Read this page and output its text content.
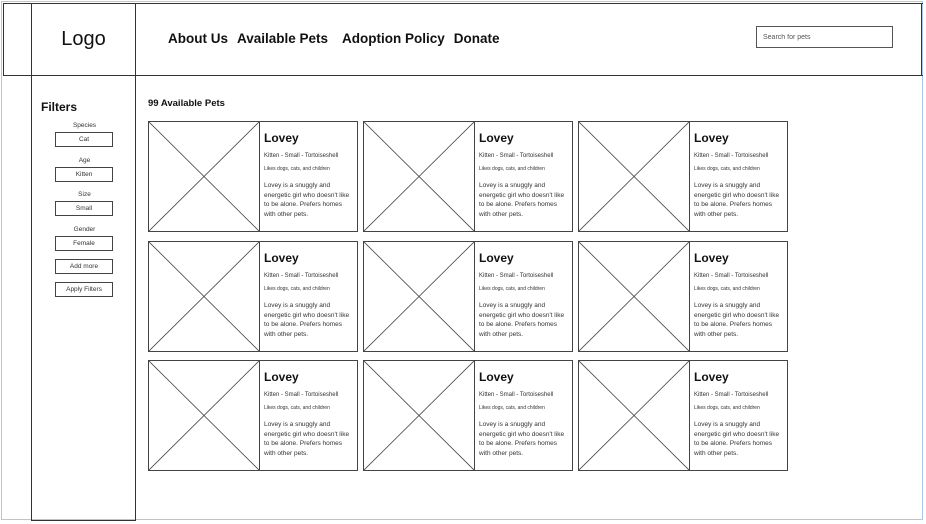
Logo	About Us Available Pets Adoption Policy Donate
Search for pets
Filters
Species
Cat
Age
Kitten
Size
Small
Gender
Female
Add more
Apply Filters
99 Available Pets
Lovey
Kitten - Small - Tortoiseshell
Likes dogs, cats, and children
Lovey is a snuggly and energetic girl who doesn't like to be alone. Prefers homes with other pets.
Lovey
Kitten - Small - Tortoiseshell
Likes dogs, cats, and children
Lovey is a snuggly and energetic girl who doesn't like to be alone. Prefers homes with other pets.
Lovey
Kitten - Small - Tortoiseshell
Likes dogs, cats, and children
Lovey is a snuggly and energetic girl who doesn't like to be alone. Prefers homes with other pets.
Lovey
Kitten - Small - Tortoiseshell
Likes dogs, cats, and children
Lovey is a snuggly and energetic girl who doesn't like to be alone. Prefers homes with other pets.
Lovey
Kitten - Small - Tortoiseshell
Likes dogs, cats, and children
Lovey is a snuggly and energetic girl who doesn't like to be alone. Prefers homes with other pets.
Lovey
Kitten - Small - Tortoiseshell
Likes dogs, cats, and children
Lovey is a snuggly and energetic girl who doesn't like to be alone. Prefers homes with other pets.
Lovey
Kitten - Small - Tortoiseshell
Likes dogs, cats, and children
Lovey is a snuggly and energetic girl who doesn't like to be alone. Prefers homes with other pets.
Lovey
Kitten - Small - Tortoiseshell
Likes dogs, cats, and children
Lovey is a snuggly and energetic girl who doesn't like to be alone. Prefers homes with other pets.
Lovey
Kitten - Small - Tortoiseshell
Likes dogs, cats, and children
Lovey is a snuggly and energetic girl who doesn't like to be alone. Prefers homes with other pets.
